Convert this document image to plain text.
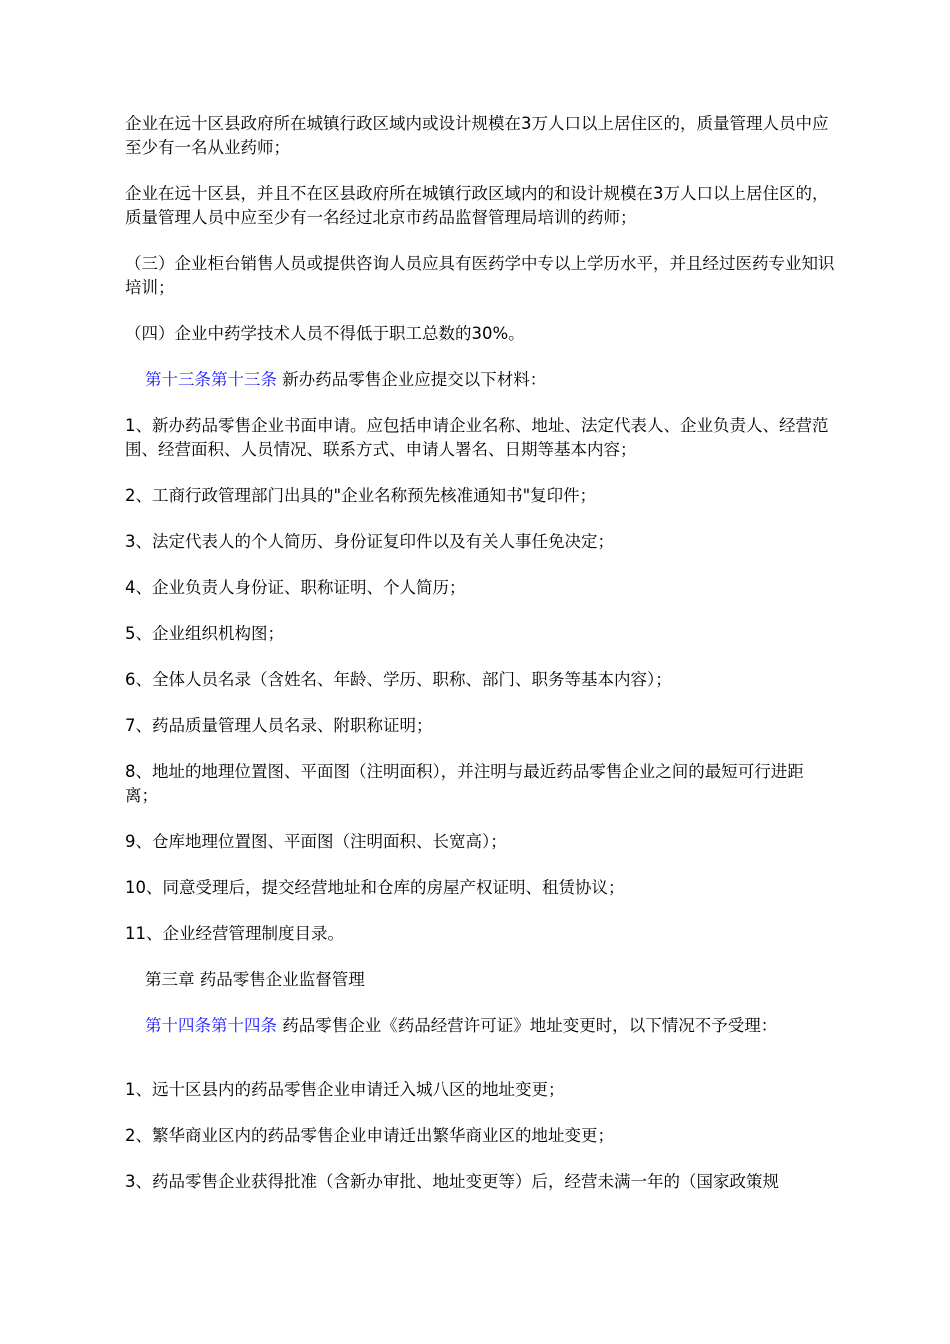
企业在远十区县政府所在城镇行政区域内或设计规模在3万人口以上居住区的，质量管理人员中应至少有一名从业药师；

企业在远十区县，并且不在区县政府所在城镇行政区域内的和设计规模在3万人口以上居住区的，质量管理人员中应至少有一名经过北京市药品监督管理局培训的药师；

（三）企业柜台销售人员或提供咨询人员应具有医药学中专以上学历水平，并且经过医药专业知识培训；

（四）企业中药学技术人员不得低于职工总数的30%。

第十三条第十三条 新办药品零售企业应提交以下材料：

1、新办药品零售企业书面申请。应包括申请企业名称、地址、法定代表人、企业负责人、经营范围、经营面积、人员情况、联系方式、申请人署名、日期等基本内容；

2、工商行政管理部门出具的"企业名称预先核准通知书"复印件；

3、法定代表人的个人简历、身份证复印件以及有关人事任免决定；

4、企业负责人身份证、职称证明、个人简历；

5、企业组织机构图；

6、全体人员名录（含姓名、年龄、学历、职称、部门、职务等基本内容）；

7、药品质量管理人员名录、附职称证明；

8、地址的地理位置图、平面图（注明面积），并注明与最近药品零售企业之间的最短可行进距离；

9、仓库地理位置图、平面图（注明面积、长宽高）；

10、同意受理后，提交经营地址和仓库的房屋产权证明、租赁协议；

11、企业经营管理制度目录。

第三章 药品零售企业监督管理

第十四条第十四条 药品零售企业《药品经营许可证》地址变更时，以下情况不予受理：

1、远十区县内的药品零售企业申请迁入城八区的地址变更；

2、繁华商业区内的药品零售企业申请迁出繁华商业区的地址变更；

3、药品零售企业获得批准（含新办审批、地址变更等）后，经营未满一年的（国家政策规
